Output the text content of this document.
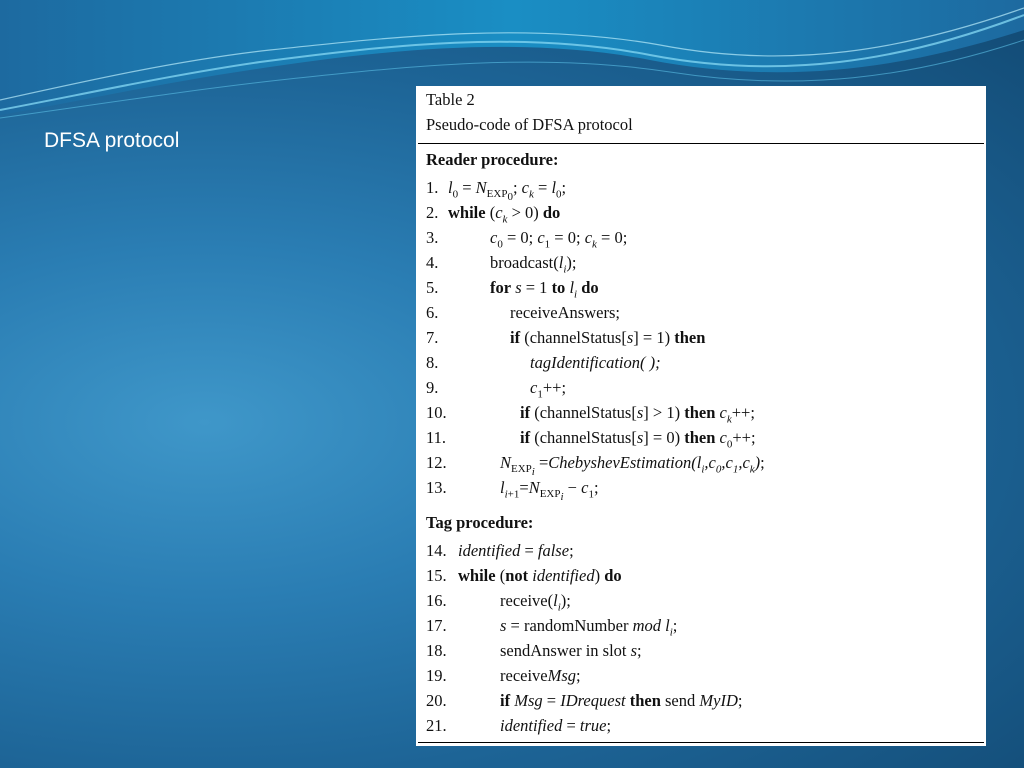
DFSA protocol
Table 2
Pseudo-code of DFSA protocol
Reader procedure:
1. $l_0 = N_{EXP_0}$; $c_k = l_0$;
2. while $(c_k > 0)$ do
3.	$c_0 = 0$; $c_1 = 0$; $c_k = 0$;
4.	$broadcast(l_i)$;
5.	for s = 1 to $l_i$ do
6.	receiveAnswers;
7.	if (channelStatus[s] = 1) then
8.	tagIdentification( );
9.	$c_1++$;
10.	if (channelStatus[s] > 1) then $c_k++$;
11.	if (channelStatus[s] = 0) then $c_0++$;
12.	$N_{EXP_i}$ $=ChebyshevEstimation(l_i,c_0,c_1,c_k)$;
13.	$l_{i+1}=N_{EXP_i} - c_1$;
Tag procedure:
14. identified = false;
15. while (not identified) do
16.	$receive(l_i)$;
17.	s = randomNumber mod $l_i$;
18.	sendAnswer in slot s;
19.	receiveMsg;
20.	if Msg = IDrequest then send MyID;
21.	identified = true;
